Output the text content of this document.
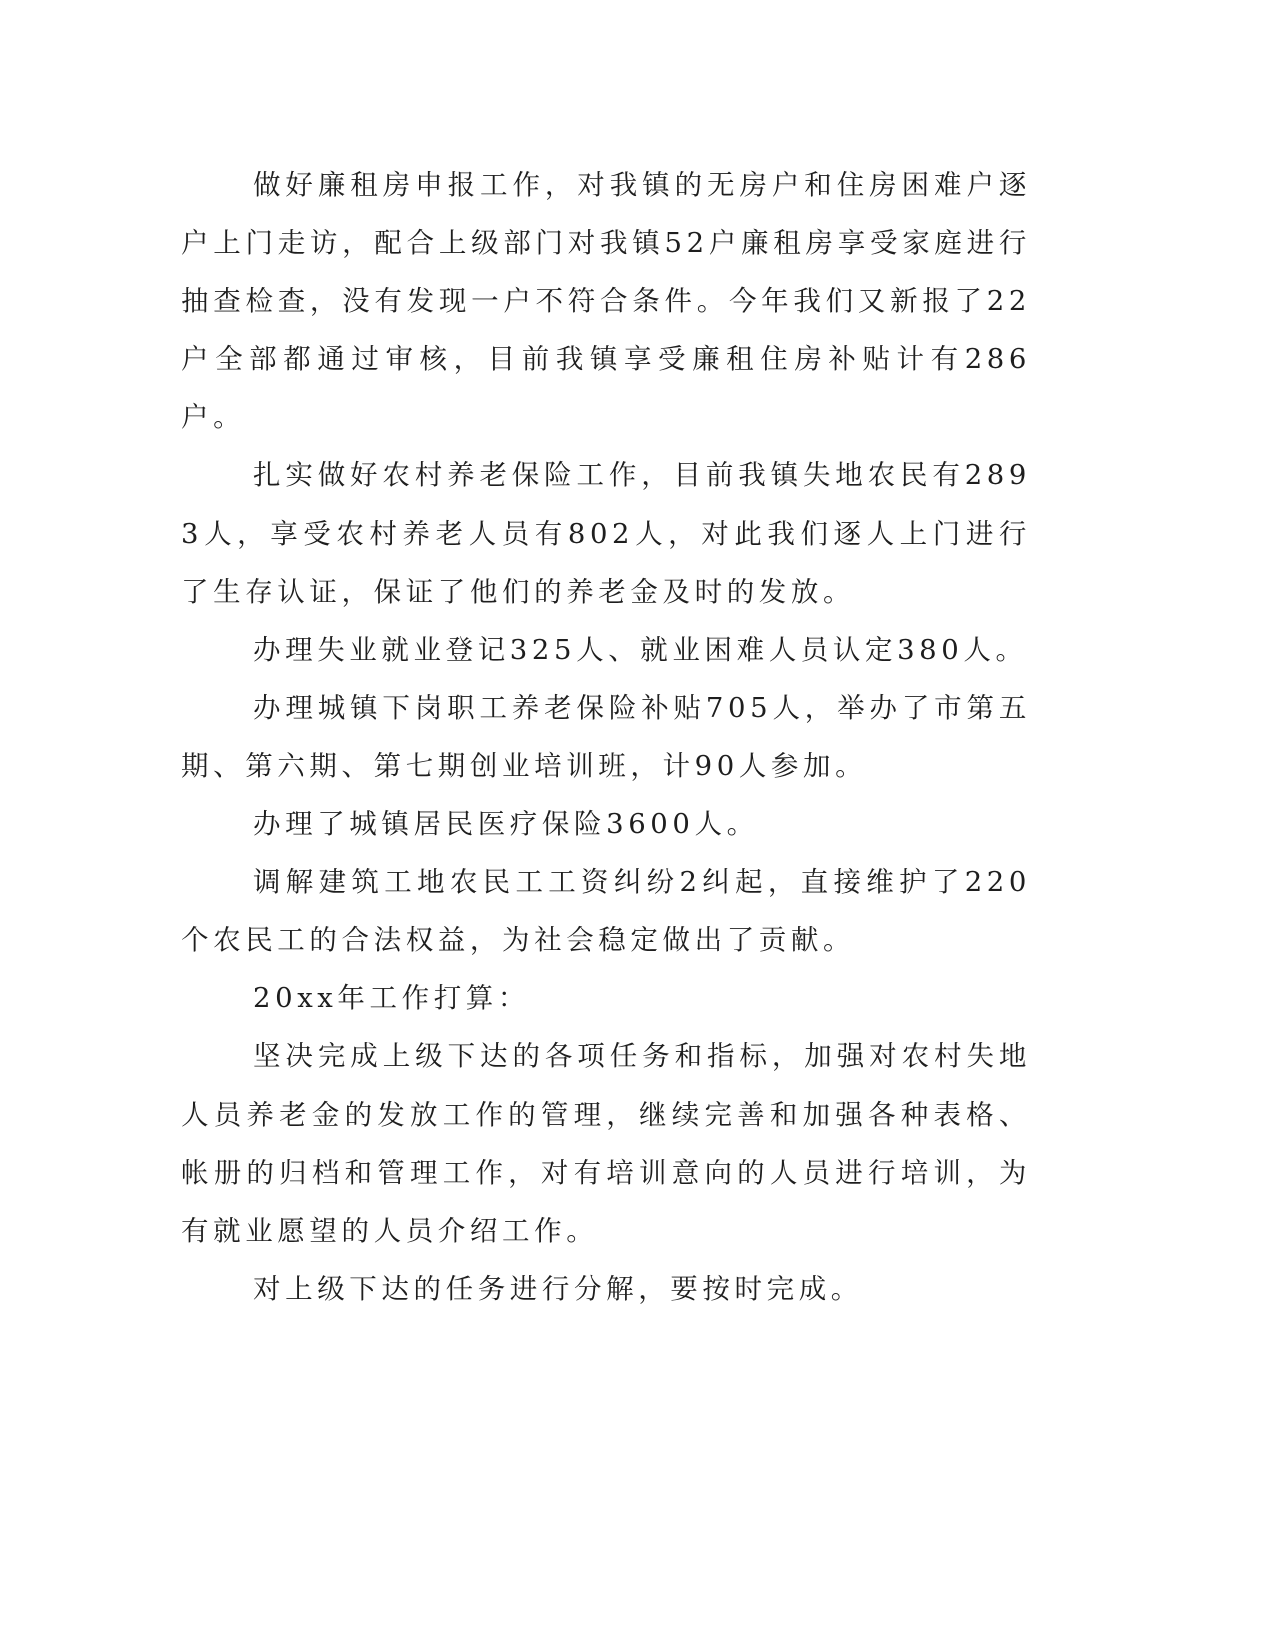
做好廉租房申报工作，对我镇的无房户和住房困难户逐户上门走访，配合上级部门对我镇52户廉租房享受家庭进行抽查检查，没有发现一户不符合条件。今年我们又新报了22户全部都通过审核，目前我镇享受廉租住房补贴计有286户。

扎实做好农村养老保险工作，目前我镇失地农民有2893人，享受农村养老人员有802人，对此我们逐人上门进行了生存认证，保证了他们的养老金及时的发放。

办理失业就业登记325人、就业困难人员认定380人。

办理城镇下岗职工养老保险补贴705人，举办了市第五期、第六期、第七期创业培训班，计90人参加。

办理了城镇居民医疗保险3600人。

调解建筑工地农民工工资纠纷2纠起，直接维护了220个农民工的合法权益，为社会稳定做出了贡献。

20xx年工作打算：

坚决完成上级下达的各项任务和指标，加强对农村失地人员养老金的发放工作的管理，继续完善和加强各种表格、帐册的归档和管理工作，对有培训意向的人员进行培训，为有就业愿望的人员介绍工作。

对上级下达的任务进行分解，要按时完成。
